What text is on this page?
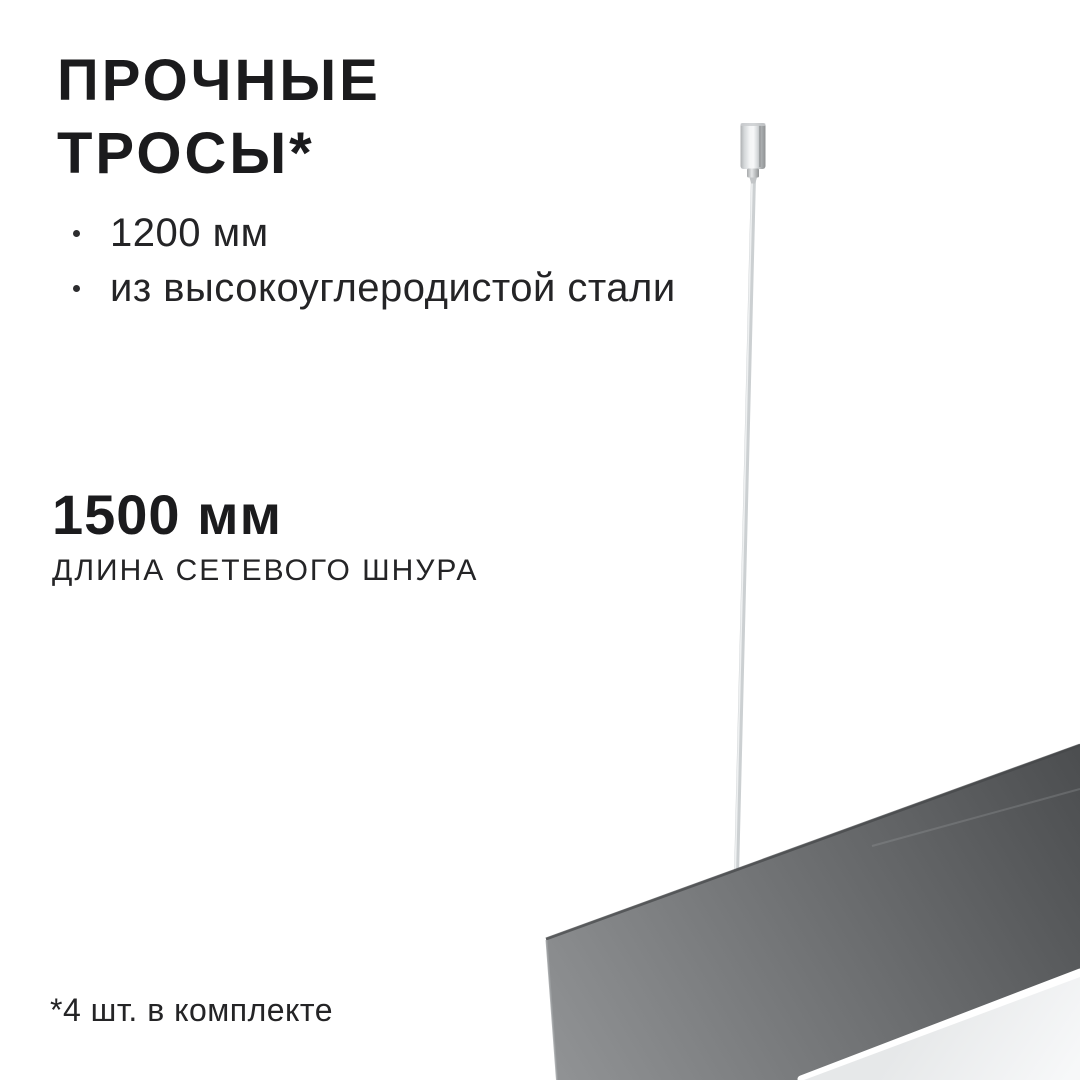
ПРОЧНЫЕ
ТРОСЫ*
1200 мм
из высокоуглеродистой стали
1500 мм
ДЛИНА СЕТЕВОГО ШНУРА
*4 шт. в комплекте
